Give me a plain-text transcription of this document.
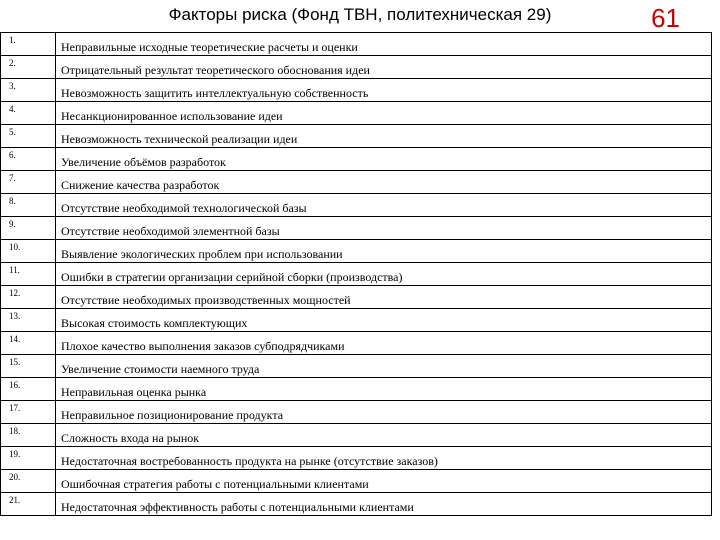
Факторы риска (Фонд ТВН, политехническая 29)	61
1.	Неправильные исходные теоретические расчеты и оценки
2.	Отрицательный результат теоретического обоснования идеи
3.	Невозможность защитить интеллектуальную собственность
4.	Несанкционированное использование идеи
5.	Невозможность технической реализации идеи
6.	Увеличение объёмов разработок
7.	Снижение качества разработок
8.	Отсутствие необходимой технологической базы
9.	Отсутствие необходимой элементной базы
10.	Выявление экологических проблем при использовании
11.	Ошибки в стратегии организации серийной сборки (производства)
12.	Отсутствие необходимых производственных мощностей
13.	Высокая стоимость комплектующих
14.	Плохое качество выполнения заказов субподрядчиками
15.	Увеличение стоимости наемного труда
16.	Неправильная оценка рынка
17.	Неправильное позиционирование продукта
18.	Сложность входа на рынок
19.	Недостаточная востребованность продукта на рынке (отсутствие заказов)
20.	Ошибочная стратегия работы с потенциальными клиентами
21.	Недостаточная эффективность работы с потенциальными клиентами
